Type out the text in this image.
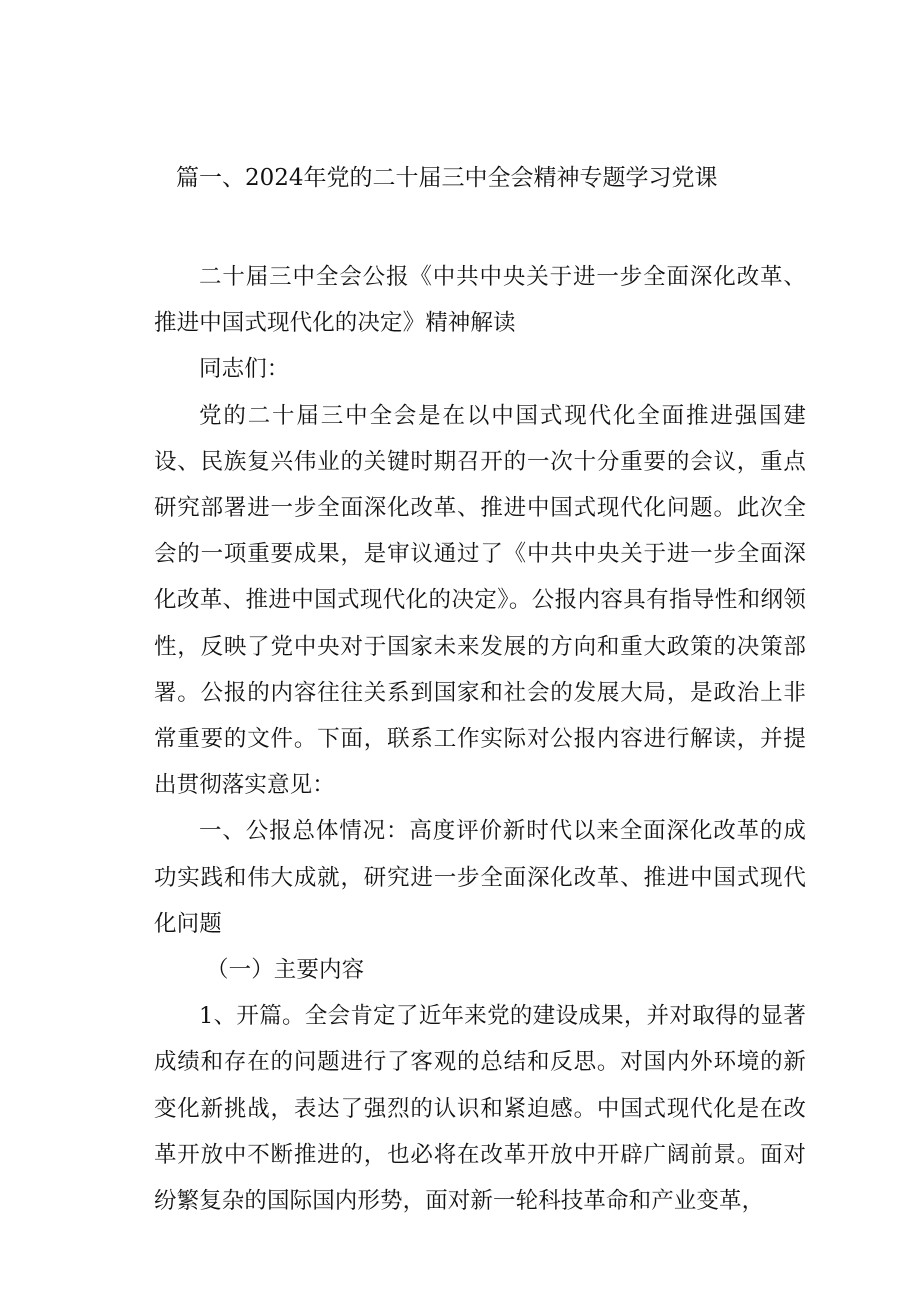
篇一、2024年党的二十届三中全会精神专题学习党课

二十届三中全会公报《中共中央关于进一步全面深化改革、推进中国式现代化的决定》精神解读

同志们：

党的二十届三中全会是在以中国式现代化全面推进强国建设、民族复兴伟业的关键时期召开的一次十分重要的会议，重点研究部署进一步全面深化改革、推进中国式现代化问题。此次全会的一项重要成果，是审议通过了《中共中央关于进一步全面深化改革、推进中国式现代化的决定》。公报内容具有指导性和纲领性，反映了党中央对于国家未来发展的方向和重大政策的决策部署。公报的内容往往关系到国家和社会的发展大局，是政治上非常重要的文件。下面，联系工作实际对公报内容进行解读，并提出贯彻落实意见：

一、公报总体情况：高度评价新时代以来全面深化改革的成功实践和伟大成就，研究进一步全面深化改革、推进中国式现代化问题

（一）主要内容

1、开篇。全会肯定了近年来党的建设成果，并对取得的显著成绩和存在的问题进行了客观的总结和反思。对国内外环境的新变化新挑战，表达了强烈的认识和紧迫感。中国式现代化是在改革开放中不断推进的，也必将在改革开放中开辟广阔前景。面对纷繁复杂的国际国内形势，面对新一轮科技革命和产业变革，
